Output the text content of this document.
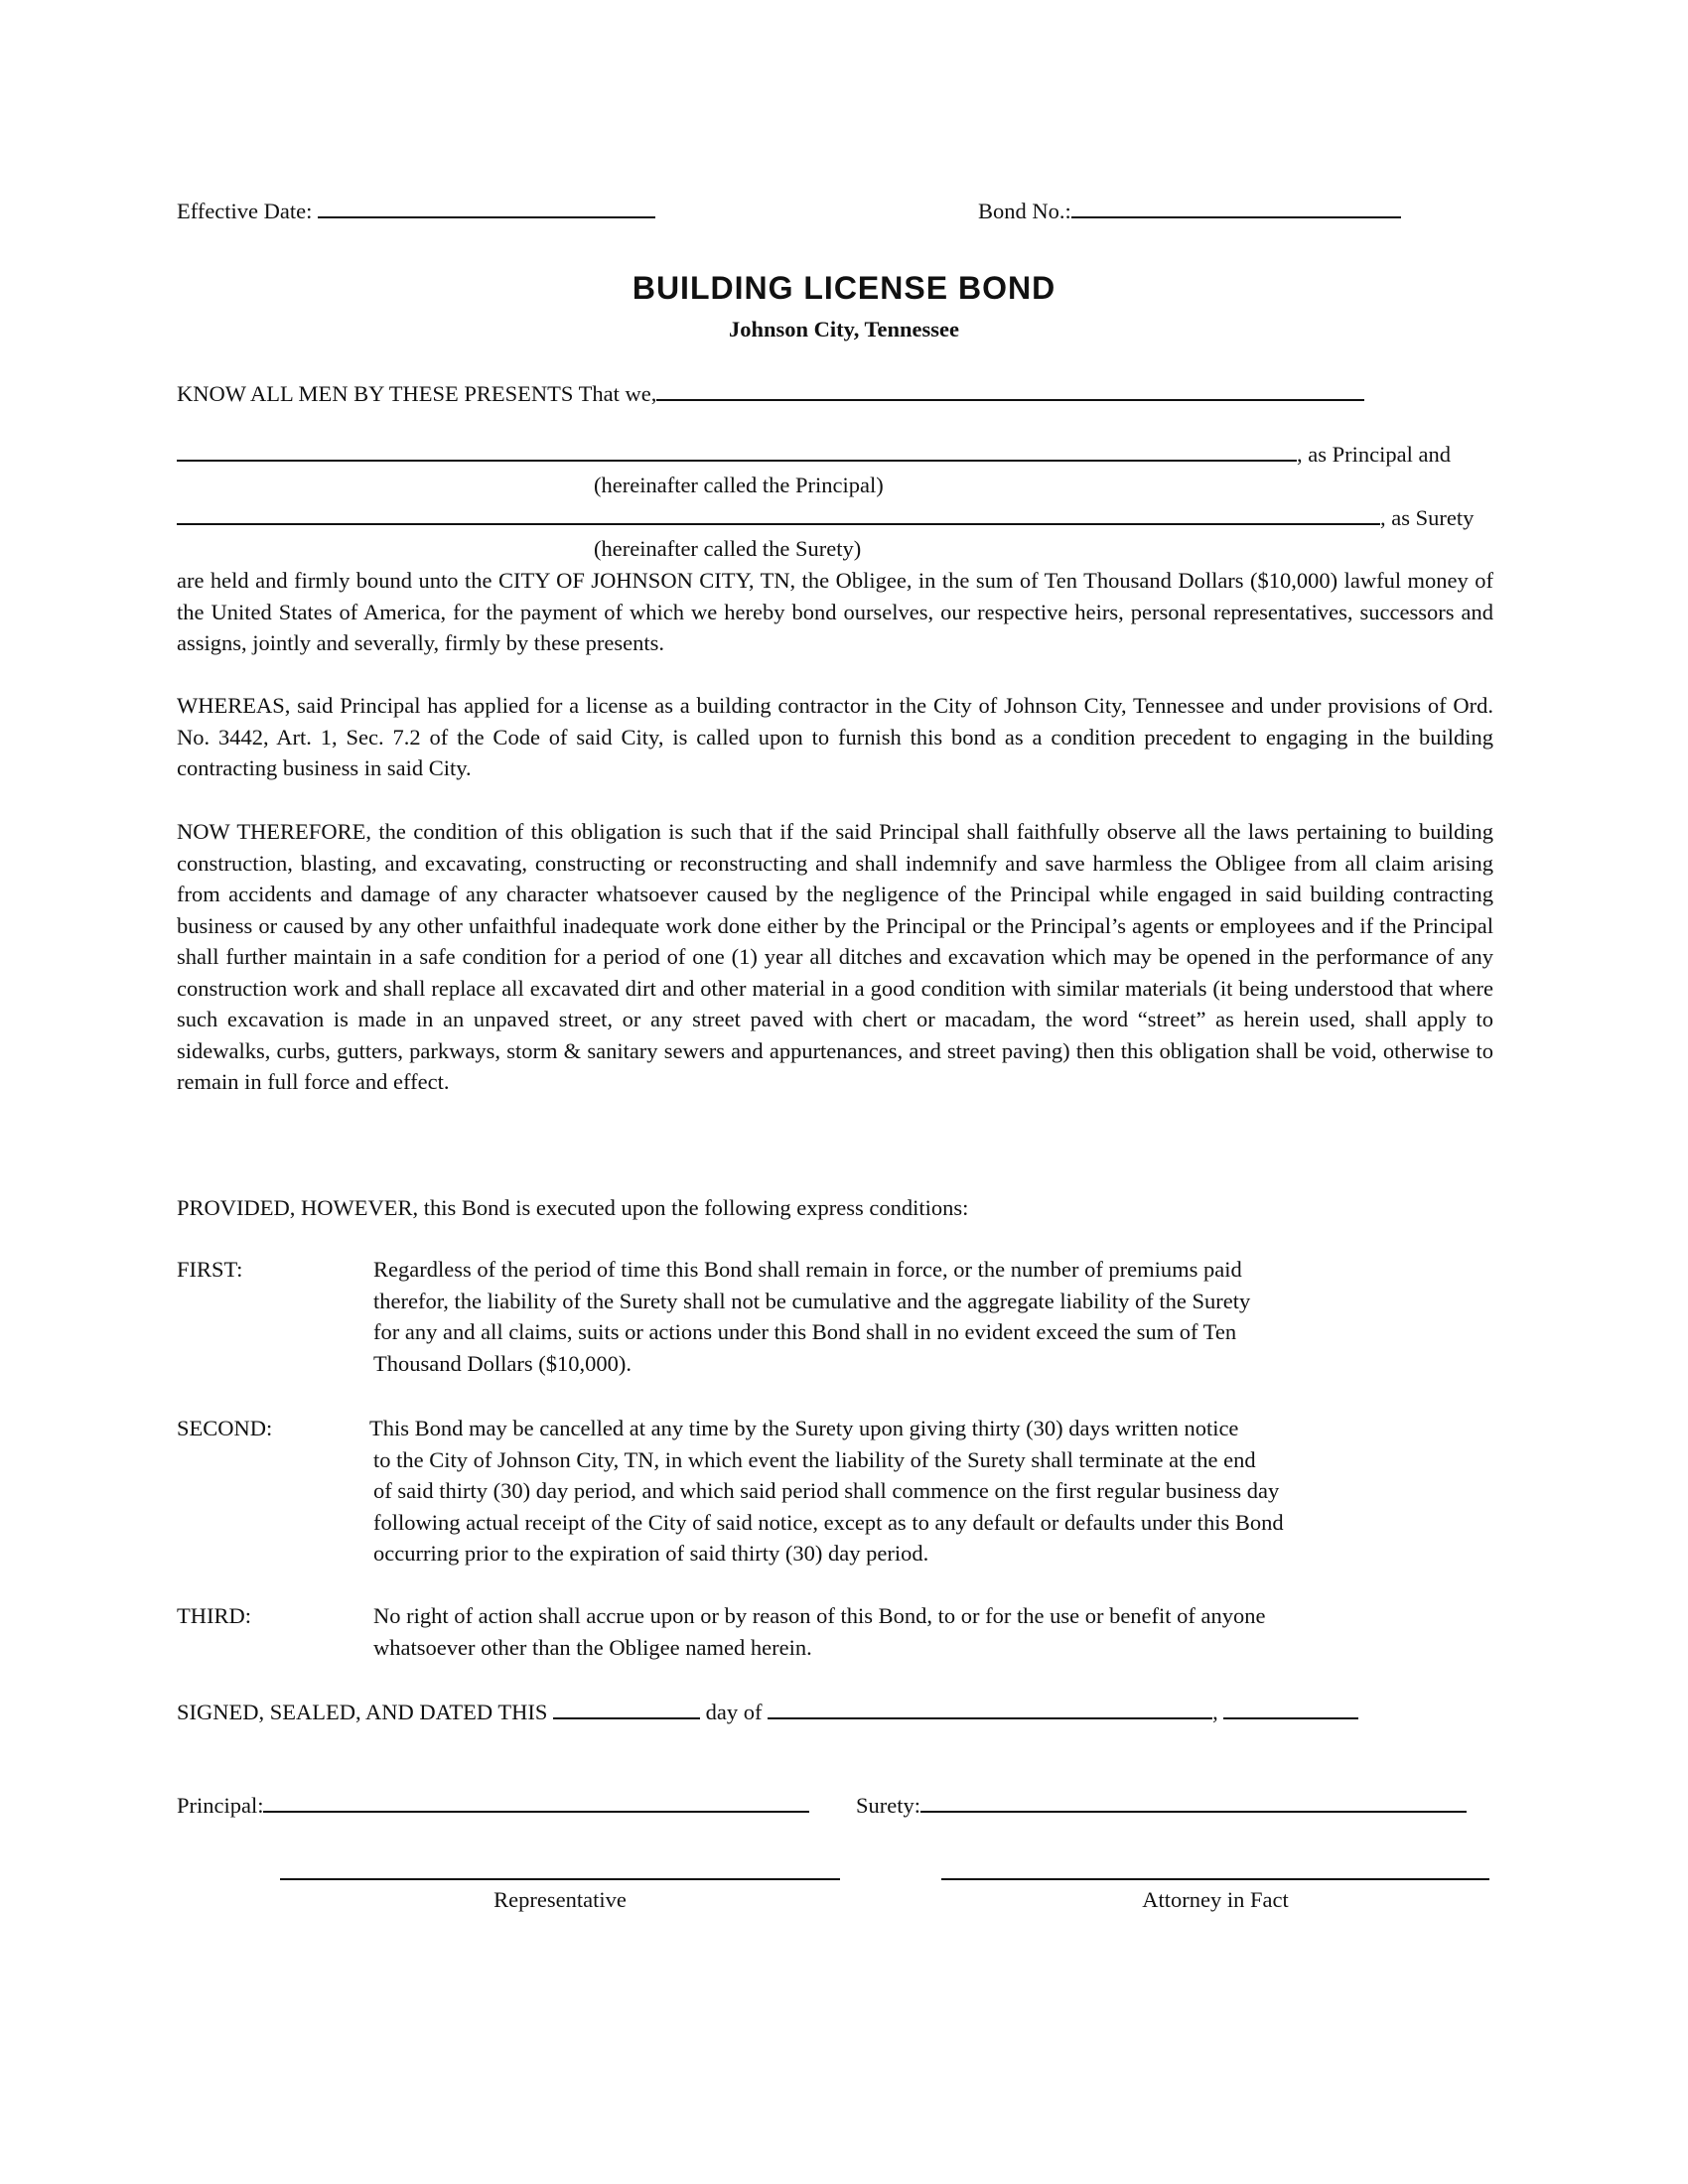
Effective Date:	Bond No.:
BUILDING LICENSE BOND
Johnson City, Tennessee
KNOW ALL MEN BY THESE PRESENTS That we,
, as Principal and
(hereinafter called the Principal)
, as Surety
(hereinafter called the Surety)

are held and firmly bound unto the CITY OF JOHNSON CITY, TN, the Obligee, in the sum of Ten Thousand Dollars ($10,000) lawful money of the United States of America, for the payment of which we hereby bond ourselves, our respective heirs, personal representatives, successors and assigns, jointly and severally, firmly by these presents.

WHEREAS, said Principal has applied for a license as a building contractor in the City of Johnson City, Tennessee and under provisions of Ord. No. 3442, Art. 1, Sec. 7.2 of the Code of said City, is called upon to furnish this bond as a condition precedent to engaging in the building contracting business in said City.

NOW THEREFORE, the condition of this obligation is such that if the said Principal shall faithfully observe all the laws pertaining to building construction, blasting, and excavating, constructing or reconstructing and shall indemnify and save harmless the Obligee from all claim arising from accidents and damage of any character whatsoever caused by the negligence of the Principal while engaged in said building contracting business or caused by any other unfaithful inadequate work done either by the Principal or the Principal’s agents or employees and if the Principal shall further maintain in a safe condition for a period of one (1) year all ditches and excavation which may be opened in the performance of any construction work and shall replace all excavated dirt and other material in a good condition with similar materials (it being understood that where such excavation is made in an unpaved street, or any street paved with chert or macadam, the word “street” as herein used, shall apply to sidewalks, curbs, gutters, parkways, storm & sanitary sewers and appurtenances, and street paving) then this obligation shall be void, otherwise to remain in full force and effect.

PROVIDED, HOWEVER, this Bond is executed upon the following express conditions:

FIRST:	Regardless of the period of time this Bond shall remain in force, or the number of premiums paid
therefor, the liability of the Surety shall not be cumulative and the aggregate liability of the Surety
for any and all claims, suits or actions under this Bond shall in no evident exceed the sum of Ten
Thousand Dollars ($10,000).
SECOND:	This Bond may be cancelled at any time by the Surety upon giving thirty (30) days written notice
to the City of Johnson City, TN, in which event the liability of the Surety shall terminate at the end
of said thirty (30) day period, and which said period shall commence on the first regular business day
following actual receipt of the City of said notice, except as to any default or defaults under this Bond
occurring prior to the expiration of said thirty (30) day period.
THIRD:	No right of action shall accrue upon or by reason of this Bond, to or for the use or benefit of anyone
whatsoever other than the Obligee named herein.
SIGNED, SEALED, AND DATED THIS	day of	,
Principal:	Surety:
Representative	Attorney in Fact
